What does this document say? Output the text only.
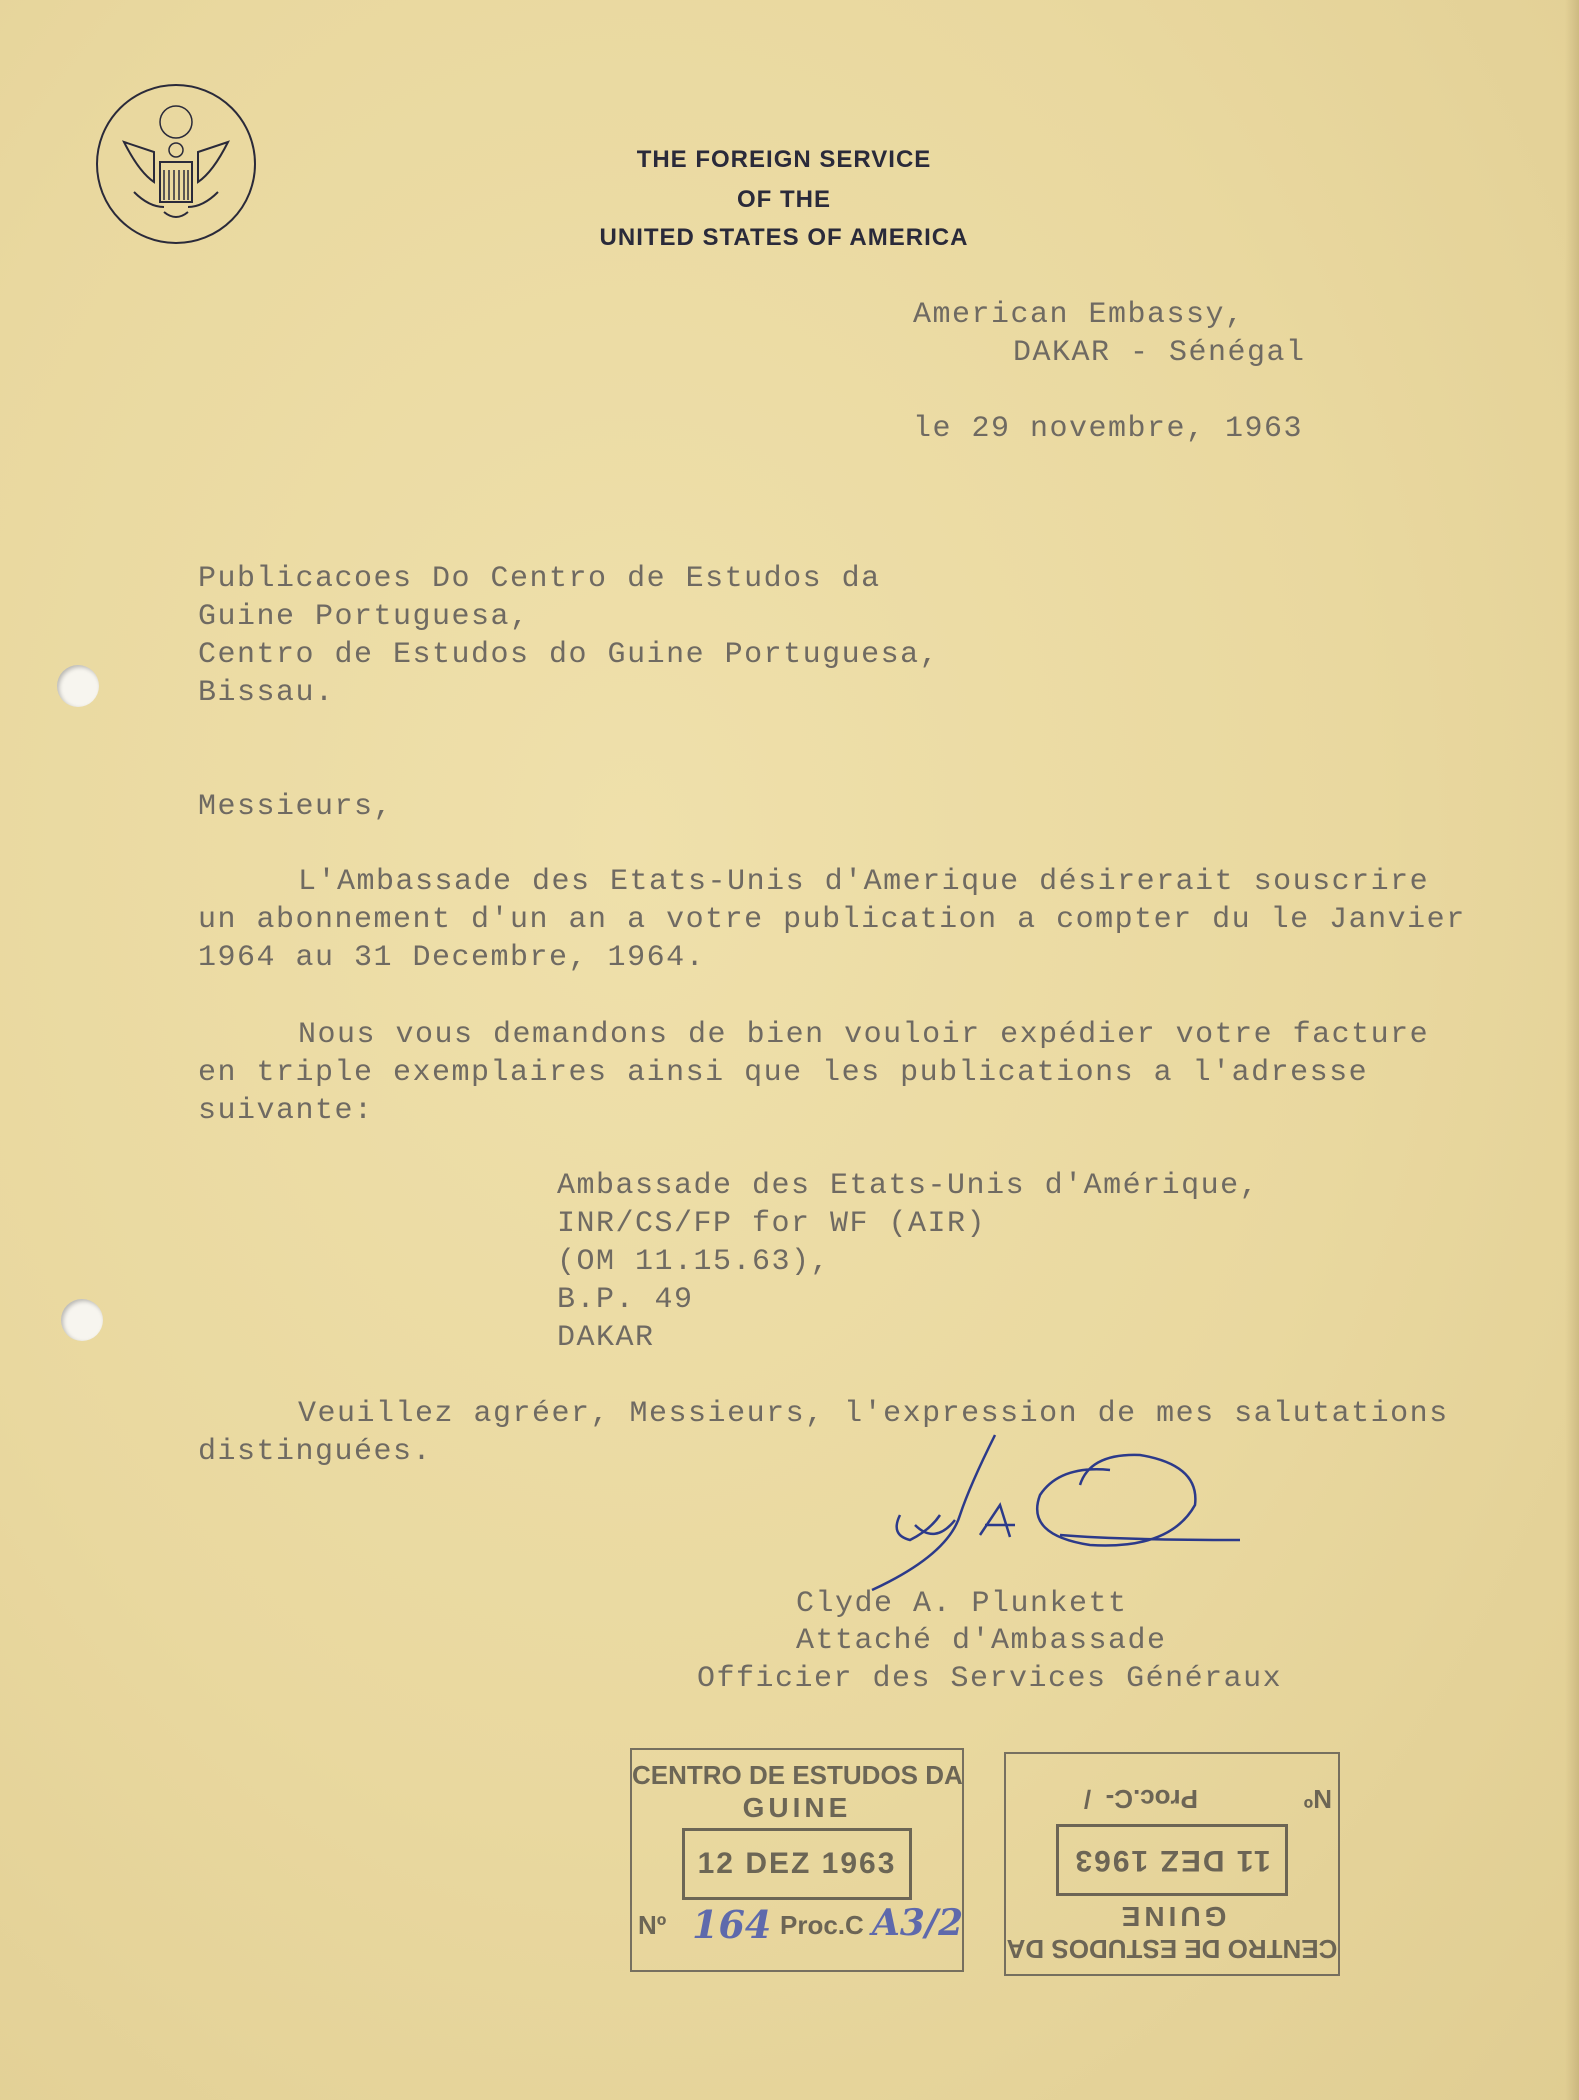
THE FOREIGN SERVICE
OF THE
UNITED STATES OF AMERICA
American Embassy,
DAKAR - Sénégal
le 29 novembre, 1963
Publicacoes Do Centro de Estudos da
Guine Portuguesa,
Centro de Estudos do Guine Portuguesa,
Bissau.
Messieurs,
L'Ambassade des Etats-Unis d'Amerique désirerait souscrire
un abonnement d'un an a votre publication a compter du le Janvier
1964 au 31 Decembre, 1964.
Nous vous demandons de bien vouloir expédier votre facture
en triple exemplaires ainsi que les publications a l'adresse
suivante:
Ambassade des Etats-Unis d'Amérique,
INR/CS/FP for WF (AIR)
(OM 11.15.63),
B.P. 49
DAKAR
Veuillez agréer, Messieurs, l'expression de mes salutations
distinguées.
Clyde A. Plunkett
Attaché d'Ambassade
Officier des Services Généraux
CENTRO DE ESTUDOS DA
GUINE
12 DEZ 1963
Nº 164 Proc.C A3/2
CENTRO DE ESTUDOS DA
GUINE
11 DEZ 1963
Nº
Proc.C-  /
